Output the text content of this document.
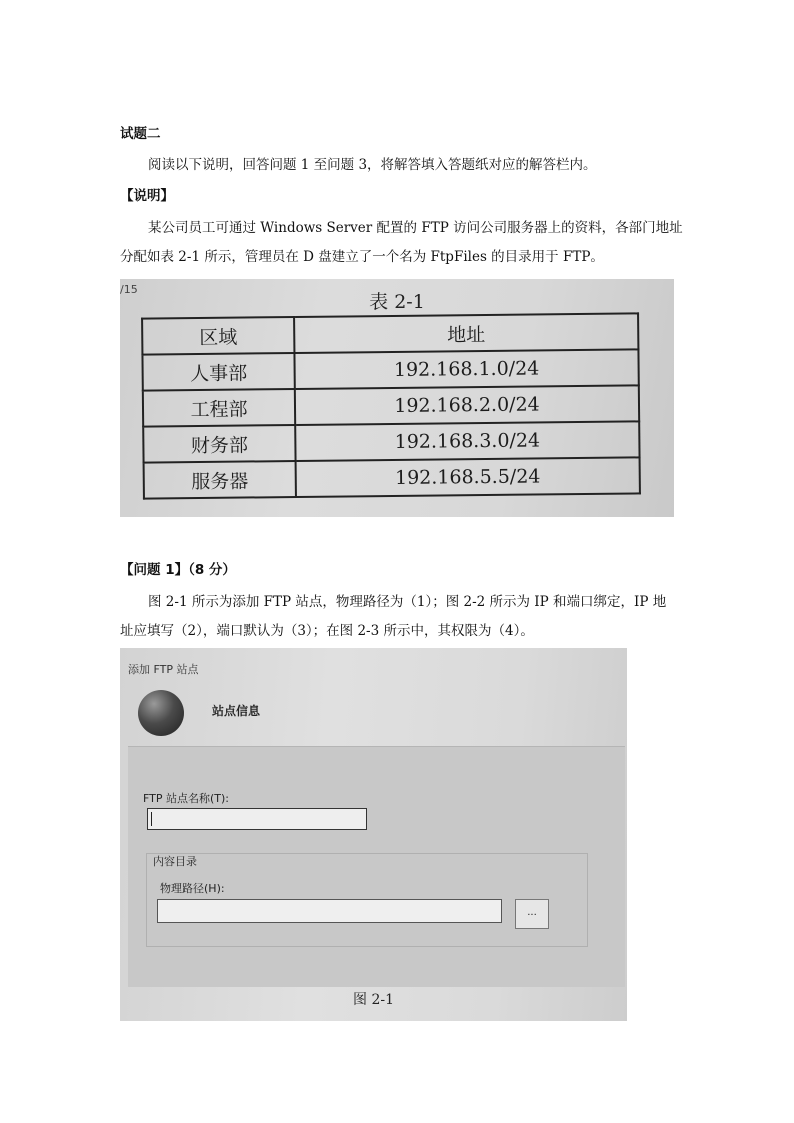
试题二
阅读以下说明，回答问题 1 至问题 3，将解答填入答题纸对应的解答栏内。
【说明】
某公司员工可通过 Windows Server 配置的 FTP 访问公司服务器上的资料，各部门地址
分配如表 2-1 所示，管理员在 D 盘建立了一个名为 FtpFiles 的目录用于 FTP。
/15
表 2-1
区域	地址
人事部	192.168.1.0/24
工程部	192.168.2.0/24
财务部	192.168.3.0/24
服务器	192.168.5.5/24
【问题 1】（8 分）
图 2-1 所示为添加 FTP 站点，物理路径为（1）；图 2-2 所示为 IP 和端口绑定，IP 地
址应填写（2），端口默认为（3）；在图 2-3 所示中，其权限为（4）。
添加 FTP 站点
站点信息
FTP 站点名称(T):
内容目录
物理路径(H):
...
图 2-1
